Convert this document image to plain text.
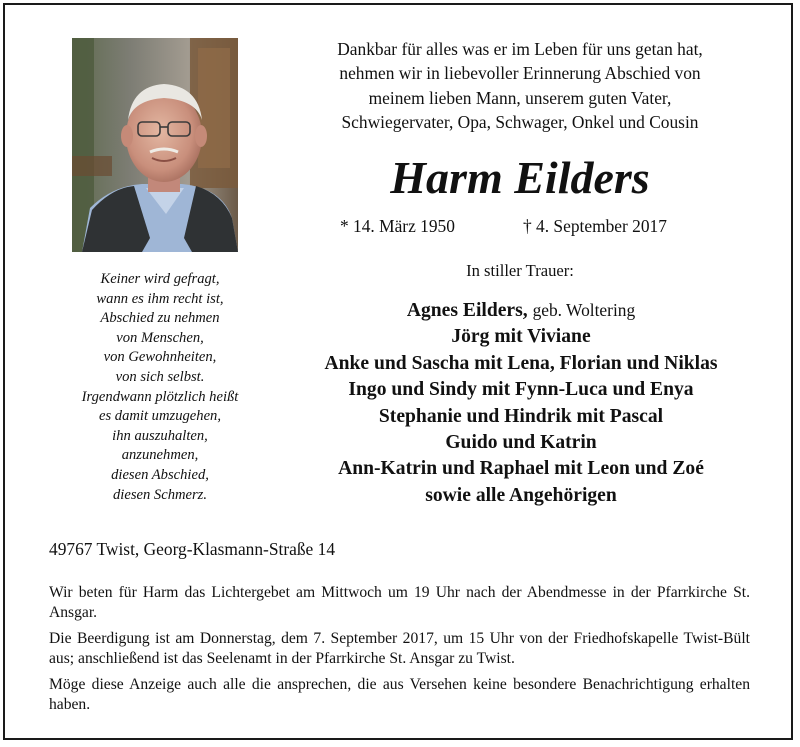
Keiner wird gefragt,
wann es ihm recht ist,
Abschied zu nehmen
von Menschen,
von Gewohnheiten,
von sich selbst.
Irgendwann plötzlich heißt
es damit umzugehen,
ihn auszuhalten,
anzunehmen,
diesen Abschied,
diesen Schmerz.
Dankbar für alles was er im Leben für uns getan hat,
nehmen wir in liebevoller Erinnerung Abschied von
meinem lieben Mann, unserem guten Vater,
Schwiegervater, Opa, Schwager, Onkel und Cousin
Harm Eilders
* 14. März 1950	† 4. September 2017
In stiller Trauer:
Agnes Eilders, geb. Woltering
Jörg mit Viviane
Anke und Sascha mit Lena, Florian und Niklas
Ingo und Sindy mit Fynn-Luca und Enya
Stephanie und Hindrik mit Pascal
Guido und Katrin
Ann-Katrin und Raphael mit Leon und Zoé
sowie alle Angehörigen
49767 Twist, Georg-Klasmann-Straße 14

Wir beten für Harm das Lichtergebet am Mittwoch um 19 Uhr nach der Abendmesse in der Pfarrkirche St. Ansgar.

Die Beerdigung ist am Donnerstag, dem 7. September 2017, um 15 Uhr von der Friedhofskapelle Twist-Bült aus; anschließend ist das Seelenamt in der Pfarrkirche St. Ansgar zu Twist.

Möge diese Anzeige auch alle die ansprechen, die aus Versehen keine besondere Benachrichtigung erhalten haben.
